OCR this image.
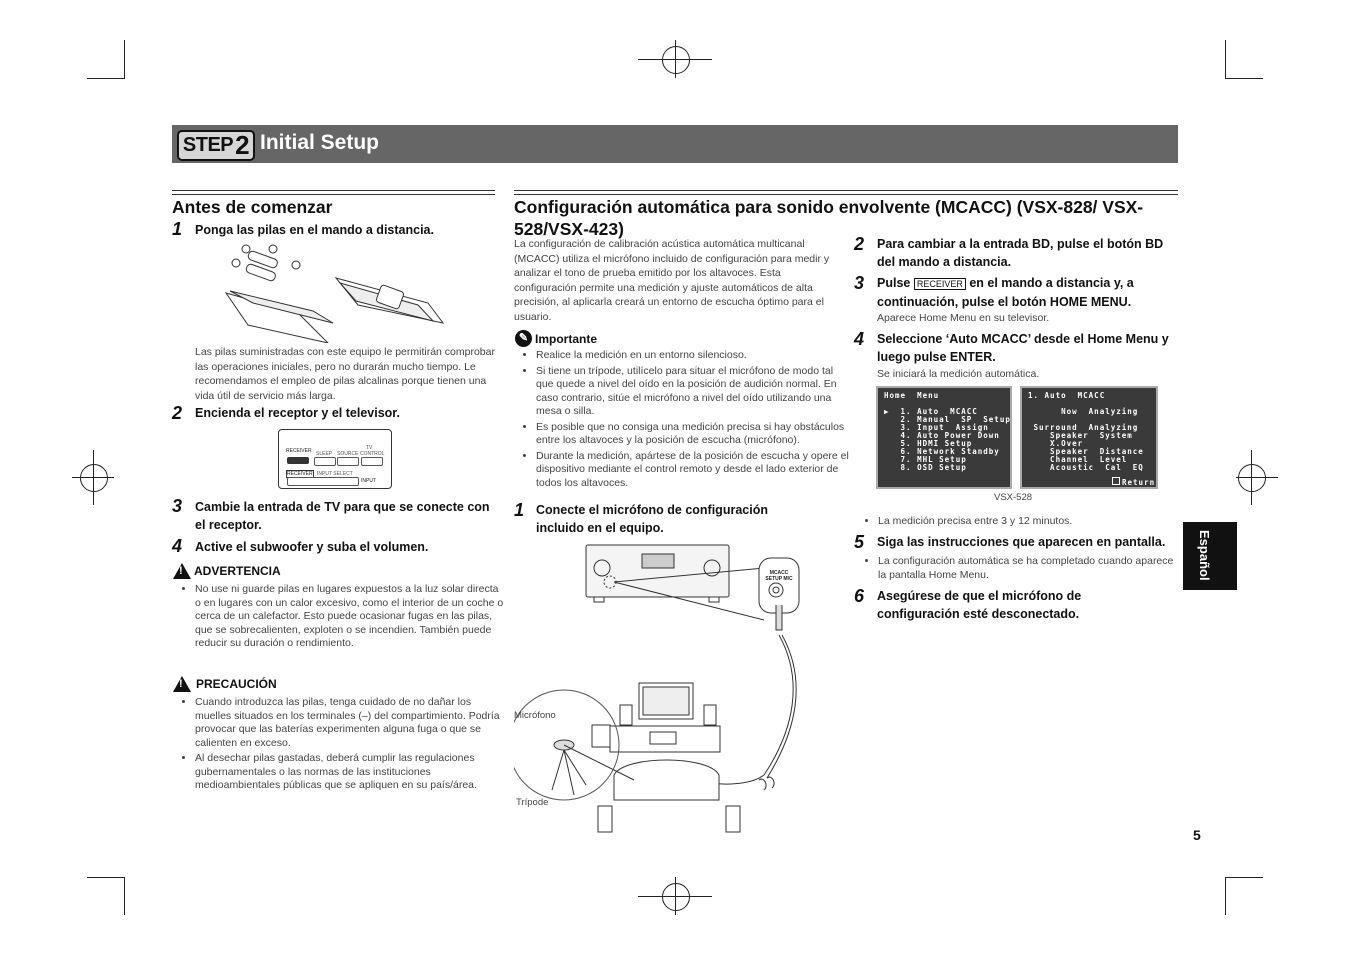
STEP 2 Initial Setup
Antes de comenzar
1 Ponga las pilas en el mando a distancia.
Las pilas suministradas con este equipo le permitirán comprobar las operaciones iniciales, pero no durarán mucho tiempo. Le recomendamos el empleo de pilas alcalinas porque tienen una vida útil de servicio más larga.
2 Encienda el receptor y el televisor.
RECEIVER SLEEP SOURCE
TV
CONTROL
RECEIVER INPUT SELECT
INPUT
3 Cambie la entrada de TV para que se conecte con el receptor.
4 Active el subwoofer y suba el volumen.
!
ADVERTENCIA
• No use ni guarde pilas en lugares expuestos a la luz solar directa o en lugares con un calor excesivo, como el interior de un coche o cerca de un calefactor. Esto puede ocasionar fugas en las pilas, que se sobrecalienten, exploten o se incendien. También puede reducir su duración o rendimiento.
!
PRECAUCIÓN
• Cuando introduzca las pilas, tenga cuidado de no dañar los muelles situados en los terminales (–) del compartimiento. Podría provocar que las baterías experimenten alguna fuga o que se calienten en exceso.
• Al desechar pilas gastadas, deberá cumplir las regulaciones gubernamentales o las normas de las instituciones medioambientales públicas que se apliquen en su país/área.
Configuración automática para sonido envolvente (MCACC) (VSX-828/ VSX-528/VSX-423)
La configuración de calibración acústica automática multicanal (MCACC) utiliza el micrófono incluido de configuración para medir y analizar el tono de prueba emitido por los altavoces. Esta configuración permite una medición y ajuste automáticos de alta precisión, al aplicarla creará un entorno de escucha óptimo para el usuario.
✎ Importante
• Realice la medición en un entorno silencioso.
• Si tiene un trípode, utilícelo para situar el micrófono de modo tal que quede a nivel del oído en la posición de audición normal. En caso contrario, sitúe el micrófono a nivel del oído utilizando una mesa o silla.
• Es posible que no consiga una medición precisa si hay obstáculos entre los altavoces y la posición de escucha (micrófono).
• Durante la medición, apártese de la posición de escucha y opere el dispositivo mediante el control remoto y desde el lado exterior de todos los altavoces.
1 Conecte el micrófono de configuración incluido en el equipo.
MCACC
SETUP MIC
Micrófono
Trípode
2 Para cambiar a la entrada BD, pulse el botón BD del mando a distancia.
3 Pulse RECEIVER en el mando a distancia y, a continuación, pulse el botón HOME MENU.
Aparece Home Menu en su televisor.
4 Seleccione ‘Auto MCACC’ desde el Home Menu y luego pulse ENTER.
Se iniciará la medición automática.
Home  Menu

▶  1. Auto  MCACC
2. Manual  SP  Setup
3. Input  Assign
4. Auto Power Down
5. HDMI Setup
6. Network Standby
7. MHL Setup
8. OSD Setup
1. Auto  MCACC

Now  Analyzing

Surround  Analyzing
Speaker  System
X.Over
Speaker  Distance
Channel  Level
Acoustic  Cal  EQ
Return
VSX-528
• La medición precisa entre 3 y 12 minutos.
5 Siga las instrucciones que aparecen en pantalla.
• La configuración automática se ha completado cuando aparece la pantalla Home Menu.
6 Asegúrese de que el micrófono de configuración esté desconectado.
Español
5
